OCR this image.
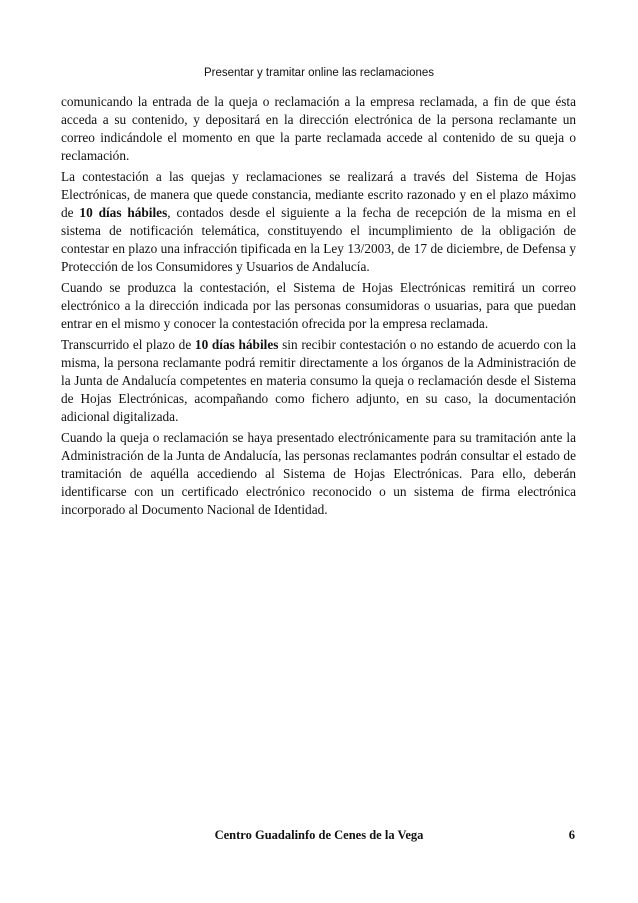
Presentar y tramitar online las reclamaciones

comunicando la entrada de la queja o reclamación a la empresa reclamada, a fin de que ésta acceda a su contenido, y depositará en la dirección electrónica de la persona reclamante un correo indicándole el momento en que la parte reclamada accede al contenido de su queja o reclamación.

La contestación a las quejas y reclamaciones se realizará a través del Sistema de Hojas Electrónicas, de manera que quede constancia, mediante escrito razonado y en el plazo máximo de 10 días hábiles, contados desde el siguiente a la fecha de recepción de la misma en el sistema de notificación telemática, constituyendo el incumplimiento de la obligación de contestar en plazo una infracción tipificada en la Ley 13/2003, de 17 de diciembre, de Defensa y Protección de los Consumidores y Usuarios de Andalucía.

Cuando se produzca la contestación, el Sistema de Hojas Electrónicas remitirá un correo electrónico a la dirección indicada por las personas consumidoras o usuarias, para que puedan entrar en el mismo y conocer la contestación ofrecida por la empresa reclamada.

Transcurrido el plazo de 10 días hábiles sin recibir contestación o no estando de acuerdo con la misma, la persona reclamante podrá remitir directamente a los órganos de la Administración de la Junta de Andalucía competentes en materia consumo la queja o reclamación desde el Sistema de Hojas Electrónicas, acompañando como fichero adjunto, en su caso, la documentación adicional digitalizada.

Cuando la queja o reclamación se haya presentado electrónicamente para su tramitación ante la Administración de la Junta de Andalucía, las personas reclamantes podrán consultar el estado de tramitación de aquélla accediendo al Sistema de Hojas Electrónicas. Para ello, deberán identificarse con un certificado electrónico reconocido o un sistema de firma electrónica incorporado al Documento Nacional de Identidad.

Centro Guadalinfo de Cenes de la Vega	6
